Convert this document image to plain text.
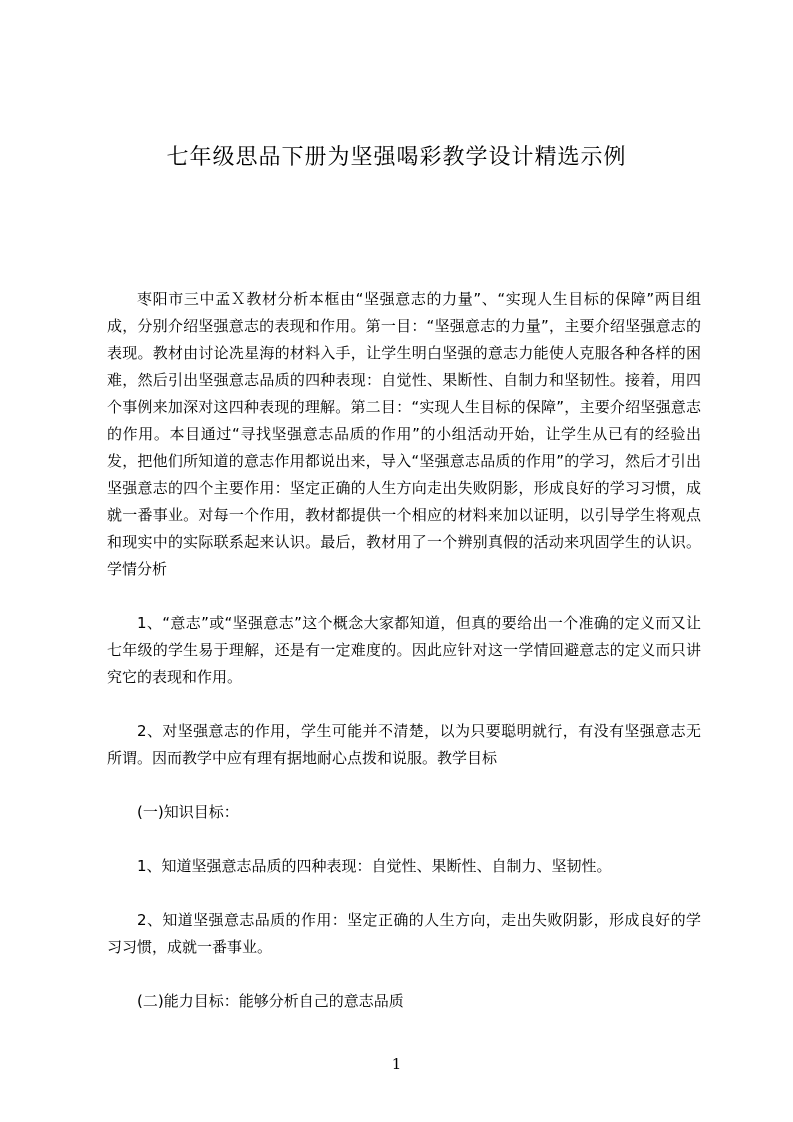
七年级思品下册为坚强喝彩教学设计精选示例

枣阳市三中孟Ｘ教材分析本框由“坚强意志的力量”、“实现人生目标的保障”两目组成，分别介绍坚强意志的表现和作用。第一目：“坚强意志的力量”，主要介绍坚强意志的表现。教材由讨论冼星海的材料入手，让学生明白坚强的意志力能使人克服各种各样的困难，然后引出坚强意志品质的四种表现：自觉性、果断性、自制力和坚韧性。接着，用四个事例来加深对这四种表现的理解。第二目：“实现人生目标的保障”，主要介绍坚强意志的作用。本目通过“寻找坚强意志品质的作用”的小组活动开始，让学生从已有的经验出发，把他们所知道的意志作用都说出来，导入“坚强意志品质的作用”的学习，然后才引出坚强意志的四个主要作用：坚定正确的人生方向走出失败阴影，形成良好的学习习惯，成就一番事业。对每一个作用，教材都提供一个相应的材料来加以证明，以引导学生将观点和现实中的实际联系起来认识。最后，教材用了一个辨别真假的活动来巩固学生的认识。学情分析

1、“意志”或“坚强意志”这个概念大家都知道，但真的要给出一个准确的定义而又让七年级的学生易于理解，还是有一定难度的。因此应针对这一学情回避意志的定义而只讲究它的表现和作用。

2、对坚强意志的作用，学生可能并不清楚，以为只要聪明就行，有没有坚强意志无所谓。因而教学中应有理有据地耐心点拨和说服。教学目标

(一)知识目标：

1、知道坚强意志品质的四种表现：自觉性、果断性、自制力、坚韧性。

2、知道坚强意志品质的作用：坚定正确的人生方向，走出失败阴影，形成良好的学习习惯，成就一番事业。

(二)能力目标：能够分析自己的意志品质

1
